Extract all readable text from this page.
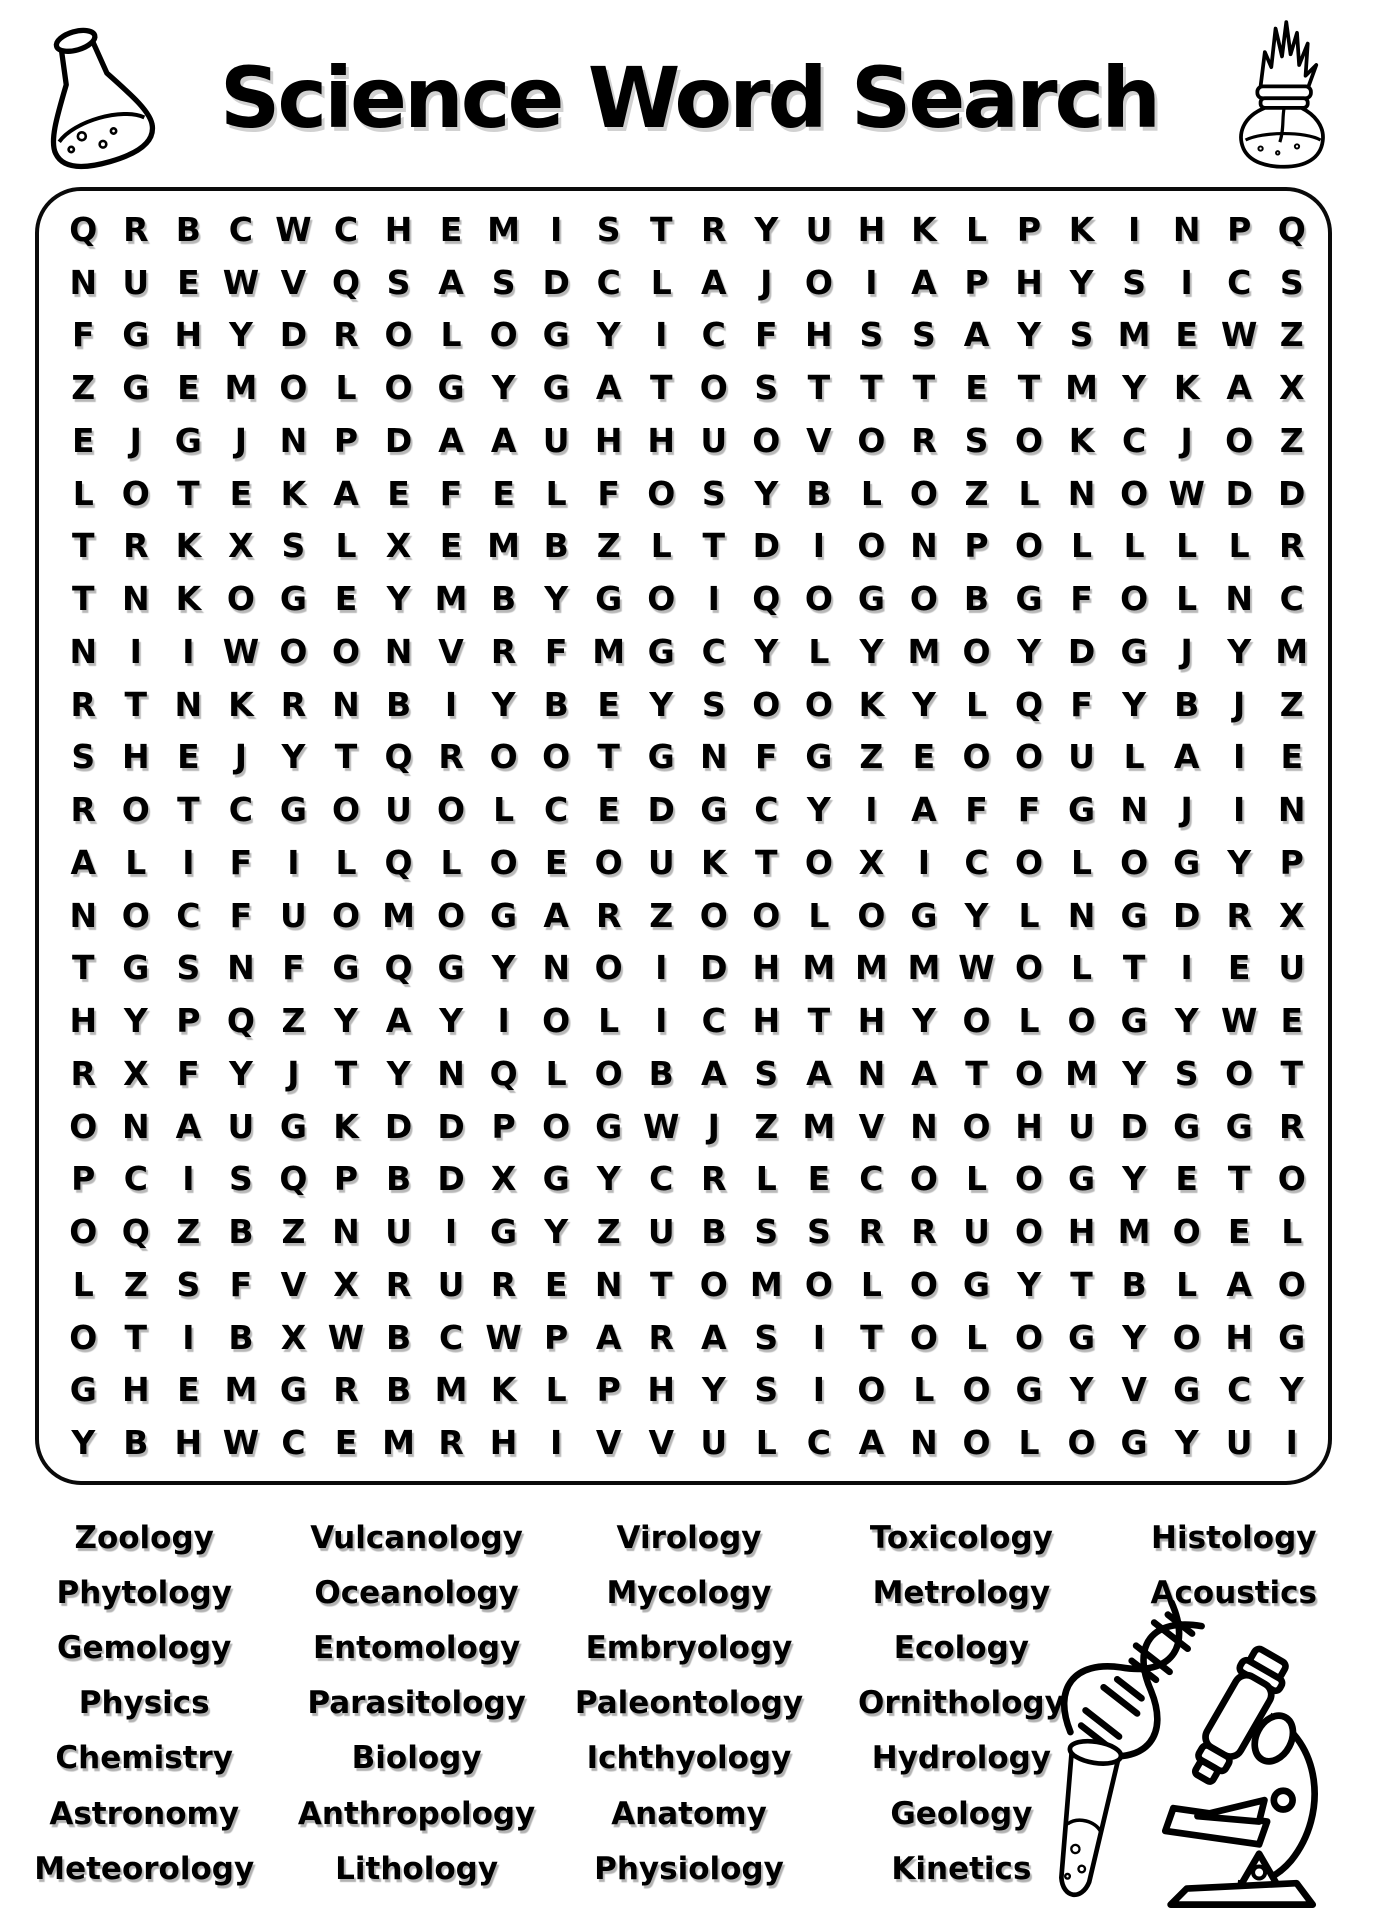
Science Word Search
Q R B C W C H E M I	S T R Y U H K L P K	I N P Q
N U E W V Q S A S D C L A	J O I	A P H Y S	I	C S
F G H Y D R O L O G Y	I	C F H S S A Y S M E W Z
Z G E M O L O G Y G A T O S T T T E T M Y K A X
E	J G J N P D A A U H H U O V O R S O K C	J O Z
L O T E K A E F E L F O S Y B L O Z L N O W D D
T R K X S L X E M B Z L T D I O N P O L L L L R
T N K O G E Y M B Y G O I Q O G O B G F O L N C
N I	I W O O N V R F M G C Y L Y M O Y D G J	Y M
R T N K R N B	I	Y B E Y S O O K Y L Q F Y B	J	Z
S H E	J	Y T Q R O O T G N F G Z E O O U L A	I	E
R O T C G O U O L C E D G C Y	I	A F F G N J	I N
A L	I	F	I	L Q L O E O U K T O X	I	C O L O G Y P
N O C F U O M O G A R Z O O L O G Y L N G D R X
T G S N F G Q G Y N O I D H M M M W O L T	I	E U
H Y P Q Z Y A Y	I O L	I	C H T H Y O L O G Y W E
R X F Y	J	T Y N Q L O B A S A N A T O M Y S O T
O N A U G K D D P O G W J	Z M V N O H U D G G R
P C	I	S Q P B D X G Y C R L E C O L O G Y E T O
O Q Z B Z N U	I G Y Z U B S S R R U O H M O E L
L Z S F V X R U R E N T O M O L O G Y T B L A O
O T	I	B X W B C W P A R A S	I	T O L O G Y O H G
G H E M G R B M K L P H Y S	I O L O G Y V G C Y
Y B H W C E M R H I	V V U L C A N O L O G Y U	I
Zoology
Phytology
Gemology
Physics
Chemistry
Astronomy
Meteorology
Vulcanology
Oceanology
Entomology
Parasitology
Biology
Anthropology
Lithology
Virology
Mycology
Embryology
Paleontology
Ichthyology
Anatomy
Physiology
Toxicology
Metrology
Ecology
Ornithology
Hydrology
Geology
Kinetics
Histology
Acoustics
